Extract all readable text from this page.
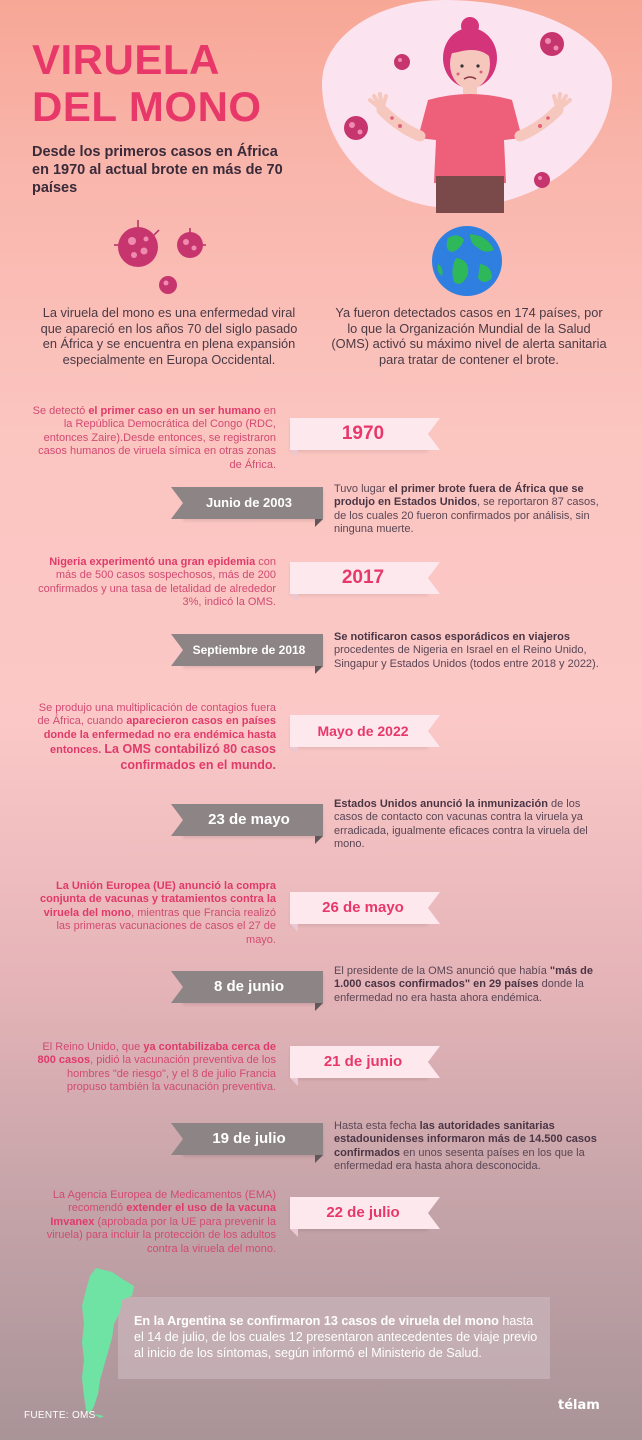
VIRUELA
DEL MONO
Desde los primeros casos en África en 1970 al actual brote en más de 70 países
La viruela del mono es una enfermedad viral que apareció en los años 70 del siglo pasado en África y se encuentra en plena expansión especialmente en Europa Occidental.
Ya fueron detectados casos en 174 países, por lo que la Organización Mundial de la Salud (OMS) activó su máximo nivel de alerta sanitaria para tratar de contener el brote.
Se detectó el primer caso en un ser humano en la República Democrática del Congo (RDC, entonces Zaire).Desde entonces, se registraron casos humanos de viruela símica en otras zonas de África.
1970
Junio de 2003
Tuvo lugar el primer brote fuera de África que se produjo en Estados Unidos, se reportaron 87 casos, de los cuales 20 fueron confirmados por análisis, sin ninguna muerte.
Nigeria experimentó una gran epidemia con más de 500 casos sospechosos, más de 200 confirmados y una tasa de letalidad de alrededor 3%, indicó la OMS.
2017
Septiembre de 2018
Se notificaron casos esporádicos en viajeros procedentes de Nigeria en Israel en el Reino Unido, Singapur y Estados Unidos (todos entre 2018 y 2022).
Se produjo una multiplicación de contagios fuera de África, cuando aparecieron casos en países donde la enfermedad no era endémica hasta entonces. La OMS contabilizó 80 casos confirmados en el mundo.
Mayo de 2022
23 de mayo
Estados Unidos anunció la inmunización de los casos de contacto con vacunas contra la viruela ya erradicada, igualmente eficaces contra la viruela del mono.
La Unión Europea (UE) anunció la compra conjunta de vacunas y tratamientos contra la viruela del mono, mientras que Francia realizó las primeras vacunaciones de casos el 27 de mayo.
26 de mayo
8 de junio
El presidente de la OMS anunció que había "más de 1.000 casos confirmados" en 29 países donde la enfermedad no era hasta ahora endémica.
El Reino Unido, que ya contabilizaba cerca de 800 casos, pidió la vacunación preventiva de los hombres "de riesgo", y el 8 de julio Francia propuso también la vacunación preventiva.
21 de junio
19 de julio
Hasta esta fecha las autoridades sanitarias estadounidenses informaron más de 14.500 casos confirmados en unos sesenta países en los que la enfermedad era hasta ahora desconocida.
La Agencia Europea de Medicamentos (EMA) recomendó extender el uso de la vacuna Imvanex (aprobada por la UE para prevenir la viruela) para incluir la protección de los adultos contra la viruela del mono.
22 de julio
En la Argentina se confirmaron 13 casos de viruela del mono hasta el 14 de julio, de los cuales 12 presentaron antecedentes de viaje previo al inicio de los síntomas, según informó el Ministerio de Salud.
FUENTE: OMS
télam
